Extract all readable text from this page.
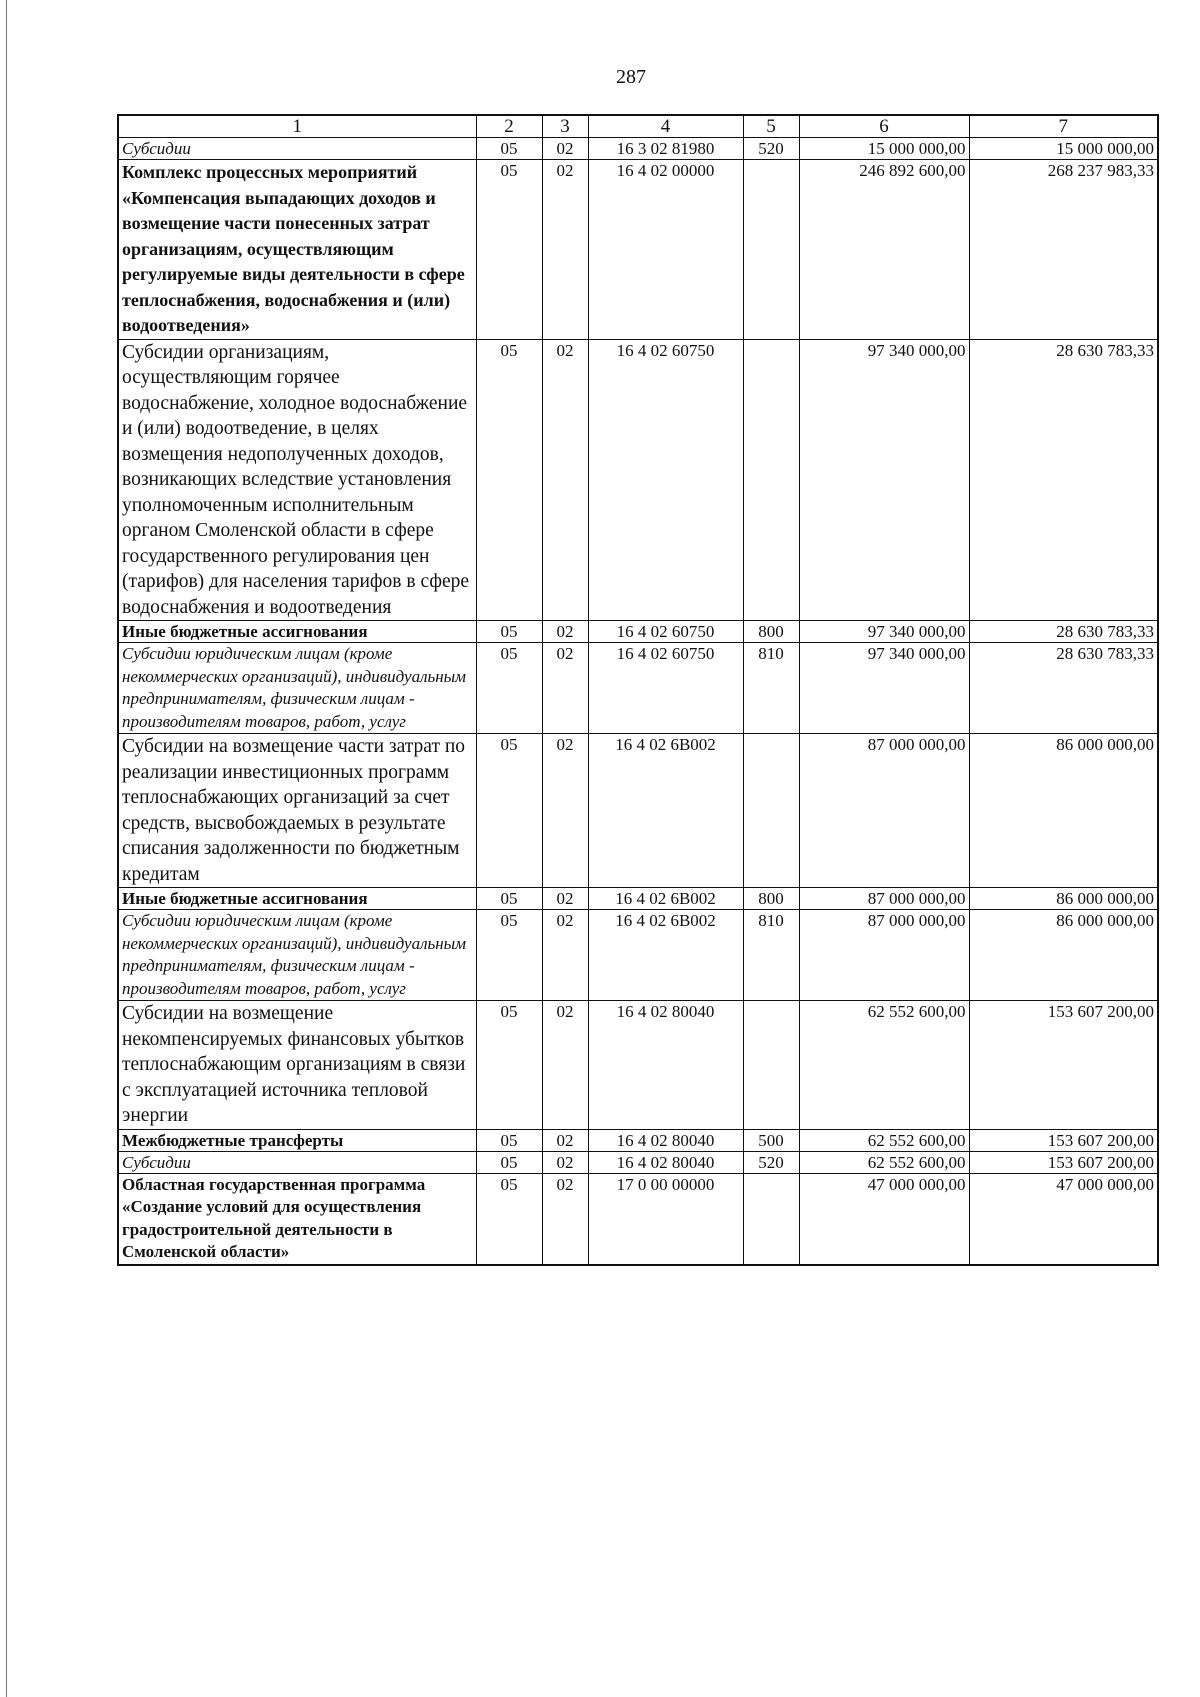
287
1	2	3	4	5	6	7
Субсидии	05	02	16 3 02 81980	520	15 000 000,00	15 000 000,00
Комплекс процессных мероприятий «Компенсация выпадающих доходов и возмещение части понесенных затрат организациям, осуществляющим регулируемые виды деятельности в сфере теплоснабжения, водоснабжения и (или) водоотведения»	05	02	16 4 02 00000		246 892 600,00	268 237 983,33
Субсидии организациям, осуществляющим горячее водоснабжение, холодное водоснабжение и (или) водоотведение, в целях возмещения недополученных доходов, возникающих вследствие установления уполномоченным исполнительным органом Смоленской области в сфере государственного регулирования цен (тарифов) для населения тарифов в сфере водоснабжения и водоотведения	05	02	16 4 02 60750		97 340 000,00	28 630 783,33
Иные бюджетные ассигнования	05	02	16 4 02 60750	800	97 340 000,00	28 630 783,33
Субсидии юридическим лицам (кроме некоммерческих организаций), индивидуальным предпринимателям, физическим лицам - производителям товаров, работ, услуг	05	02	16 4 02 60750	810	97 340 000,00	28 630 783,33
Субсидии на возмещение части затрат по реализации инвестиционных программ теплоснабжающих организаций за счет средств, высвобождаемых в результате списания задолженности по бюджетным кредитам	05	02	16 4 02 6В002		87 000 000,00	86 000 000,00
Иные бюджетные ассигнования	05	02	16 4 02 6В002	800	87 000 000,00	86 000 000,00
Субсидии юридическим лицам (кроме некоммерческих организаций), индивидуальным предпринимателям, физическим лицам - производителям товаров, работ, услуг	05	02	16 4 02 6В002	810	87 000 000,00	86 000 000,00
Субсидии на возмещение некомпенсируемых финансовых убытков теплоснабжающим организациям в связи с эксплуатацией источника тепловой энергии	05	02	16 4 02 80040		62 552 600,00	153 607 200,00
Межбюджетные трансферты	05	02	16 4 02 80040	500	62 552 600,00	153 607 200,00
Субсидии	05	02	16 4 02 80040	520	62 552 600,00	153 607 200,00
Областная государственная программа «Создание условий для осуществления градостроительной деятельности в Смоленской области»	05	02	17 0 00 00000		47 000 000,00	47 000 000,00
